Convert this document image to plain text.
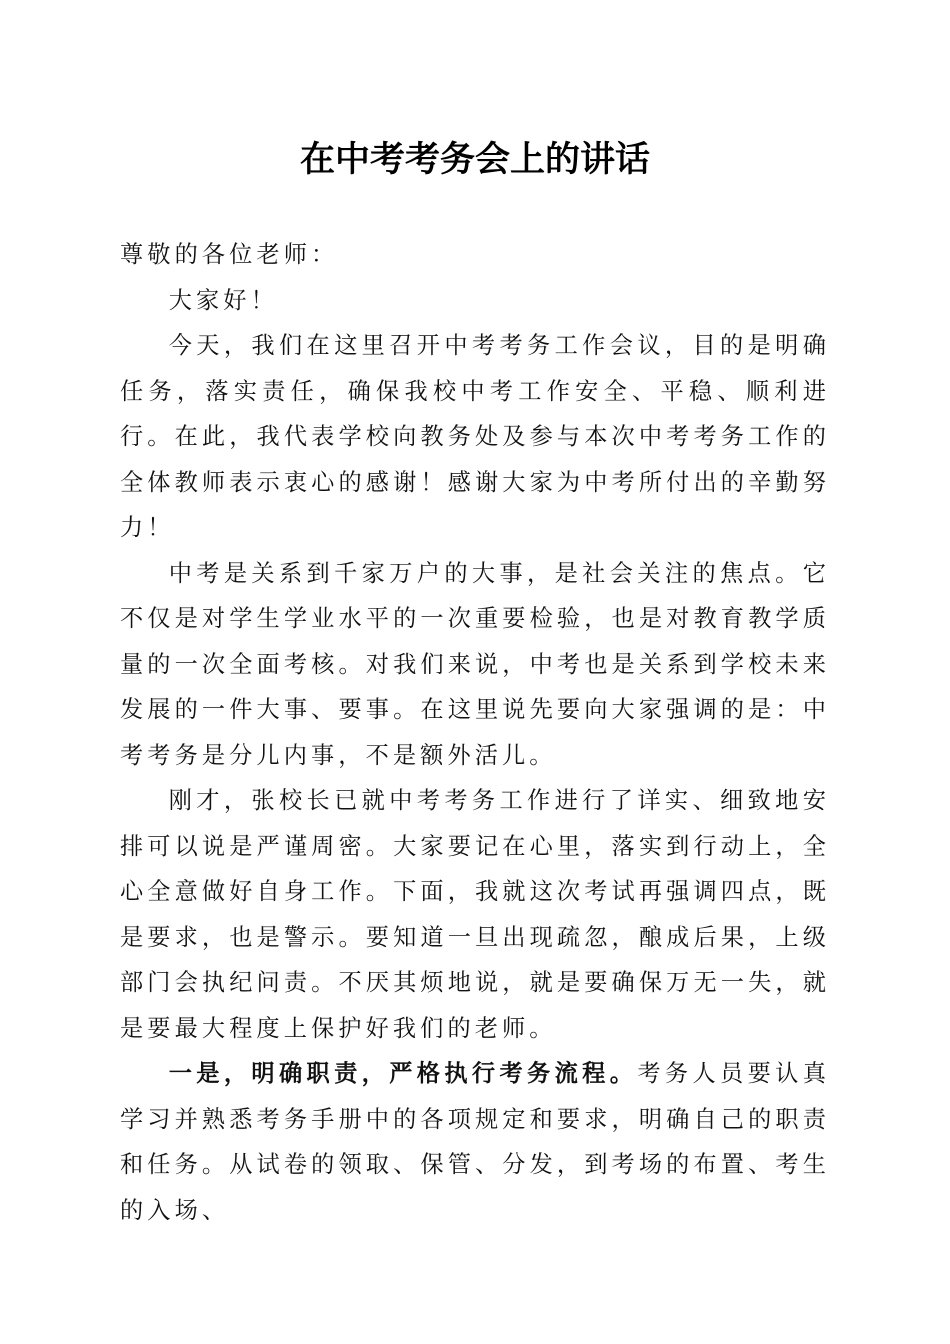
在中考考务会上的讲话

尊敬的各位老师：

大家好！

今天，我们在这里召开中考考务工作会议，目的是明确任务，落实责任，确保我校中考工作安全、平稳、顺利进行。在此，我代表学校向教务处及参与本次中考考务工作的全体教师表示衷心的感谢！感谢大家为中考所付出的辛勤努力！

中考是关系到千家万户的大事，是社会关注的焦点。它不仅是对学生学业水平的一次重要检验，也是对教育教学质量的一次全面考核。对我们来说，中考也是关系到学校未来发展的一件大事、要事。在这里说先要向大家强调的是：中考考务是分儿内事，不是额外活儿。

刚才，张校长已就中考考务工作进行了详实、细致地安排可以说是严谨周密。大家要记在心里，落实到行动上，全心全意做好自身工作。下面，我就这次考试再强调四点，既是要求，也是警示。要知道一旦出现疏忽，酿成后果，上级部门会执纪问责。不厌其烦地说，就是要确保万无一失，就是要最大程度上保护好我们的老师。

一是，明确职责，严格执行考务流程。考务人员要认真学习并熟悉考务手册中的各项规定和要求，明确自己的职责和任务。从试卷的领取、保管、分发，到考场的布置、考生的入场、
